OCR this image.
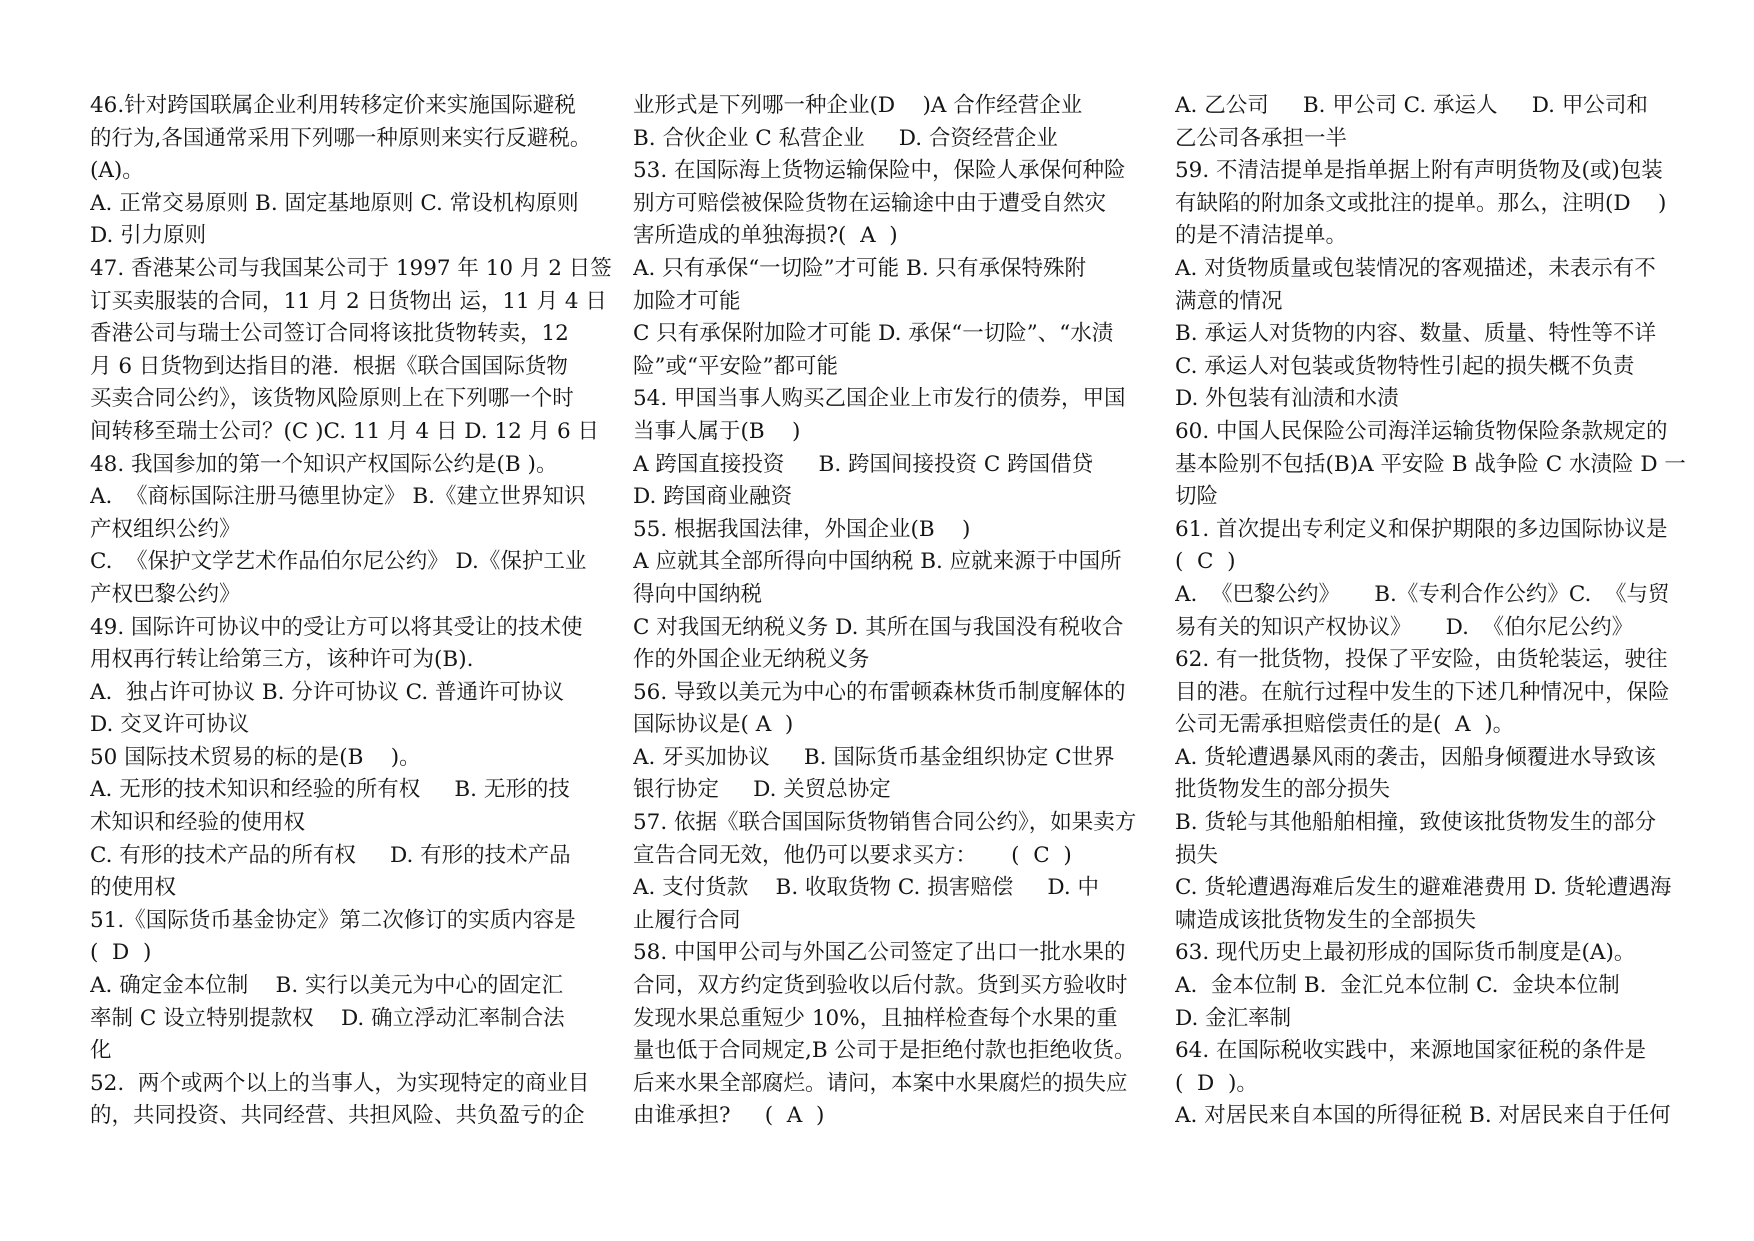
46.针对跨国联属企业利用转移定价来实施国际避税
的行为,各国通常采用下列哪一种原则来实行反避税。
(A)。
A. 正常交易原则 B. 固定基地原则 C. 常设机构原则
D. 引力原则
47. 香港某公司与我国某公司于 1997 年 10 月 2 日签
订买卖服装的合同，11 月 2 日货物出 运，11 月 4 日
香港公司与瑞士公司签订合同将该批货物转卖，12
月 6 日货物到达指目的港.  根据《联合国国际货物
买卖合同公约》，该货物风险原则上在下列哪一个时
间转移至瑞士公司？(C )C. 11 月 4 日 D. 12 月 6 日
48. 我国参加的第一个知识产权国际公约是(B )。
A.  《商标国际注册马德里协定》 B.《建立世界知识
产权组织公约》
C.  《保护文学艺术作品伯尔尼公约》 D.《保护工业
产权巴黎公约》
49. 国际许可协议中的受让方可以将其受让的技术使
用权再行转让给第三方，该种许可为(B).
A.  独占许可协议 B. 分许可协议 C. 普通许可协议
D. 交叉许可协议
50 国际技术贸易的标的是(B    )。
A. 无形的技术知识和经验的所有权     B. 无形的技
术知识和经验的使用权
C. 有形的技术产品的所有权     D. 有形的技术产品
的使用权
51.《国际货币基金协定》第二次修订的实质内容是
(  D  )
A. 确定金本位制    B. 实行以美元为中心的固定汇
率制 C 设立特别提款权    D. 确立浮动汇率制合法
化
52.  两个或两个以上的当事人，为实现特定的商业目
的，共同投资、共同经营、共担风险、共负盈亏的企
业形式是下列哪一种企业(D    )A 合作经营企业
B. 合伙企业 C 私营企业     D. 合资经营企业
53. 在国际海上货物运输保险中，保险人承保何种险
别方可赔偿被保险货物在运输途中由于遭受自然灾
害所造成的单独海损?(  A  )
A. 只有承保“一切险”才可能 B. 只有承保特殊附
加险才可能
C 只有承保附加险才可能 D. 承保“一切险”、“水渍
险”或“平安险”都可能
54. 甲国当事人购买乙国企业上市发行的债券，甲国
当事人属于(B    )
A 跨国直接投资     B. 跨国间接投资 C 跨国借贷
D. 跨国商业融资
55. 根据我国法律，外国企业(B    )
A 应就其全部所得向中国纳税 B. 应就来源于中国所
得向中国纳税
C 对我国无纳税义务 D. 其所在国与我国没有税收合
作的外国企业无纳税义务
56. 导致以美元为中心的布雷顿森林货币制度解体的
国际协议是( A  )
A. 牙买加协议     B. 国际货币基金组织协定 C世界
银行协定     D. 关贸总协定
57. 依据《联合国国际货物销售合同公约》，如果卖方
宣告合同无效，他仍可以要求买方：     (  C  )
A. 支付货款    B. 收取货物 C. 损害赔偿     D. 中
止履行合同
58. 中国甲公司与外国乙公司签定了出口一批水果的
合同，双方约定货到验收以后付款。货到买方验收时
发现水果总重短少 10%，且抽样检查每个水果的重
量也低于合同规定,B 公司于是拒绝付款也拒绝收货。
后来水果全部腐烂。请问，本案中水果腐烂的损失应
由谁承担?     (  A  )
A. 乙公司     B. 甲公司 C. 承运人     D. 甲公司和
乙公司各承担一半
59. 不清洁提单是指单据上附有声明货物及(或)包装
有缺陷的附加条文或批注的提单。那么，注明(D    )
的是不清洁提单。
A. 对货物质量或包装情况的客观描述，未表示有不
满意的情况
B. 承运人对货物的内容、数量、质量、特性等不详
C. 承运人对包装或货物特性引起的损失概不负责
D. 外包装有汕渍和水渍
60. 中国人民保险公司海洋运输货物保险条款规定的
基本险别不包括(B)A 平安险 B 战争险 C 水渍险 D 一
切险
61. 首次提出专利定义和保护期限的多边国际协议是
(  C  )
A.  《巴黎公约》     B.《专利合作公约》C.  《与贸
易有关的知识产权协议》     D.  《伯尔尼公约》
62. 有一批货物，投保了平安险，由货轮装运，驶往
目的港。在航行过程中发生的下述几种情况中，保险
公司无需承担赔偿责任的是(  A  )。
A. 货轮遭遇暴风雨的袭击，因船身倾覆进水导致该
批货物发生的部分损失
B. 货轮与其他船舶相撞，致使该批货物发生的部分
损失
C. 货轮遭遇海难后发生的避难港费用 D. 货轮遭遇海
啸造成该批货物发生的全部损失
63. 现代历史上最初形成的国际货币制度是(A)。
A.  金本位制 B.  金汇兑本位制 C.  金块本位制
D. 金汇率制
64. 在国际税收实践中，来源地国家征税的条件是
(  D  )。
A. 对居民来自本国的所得征税 B. 对居民来自于任何
